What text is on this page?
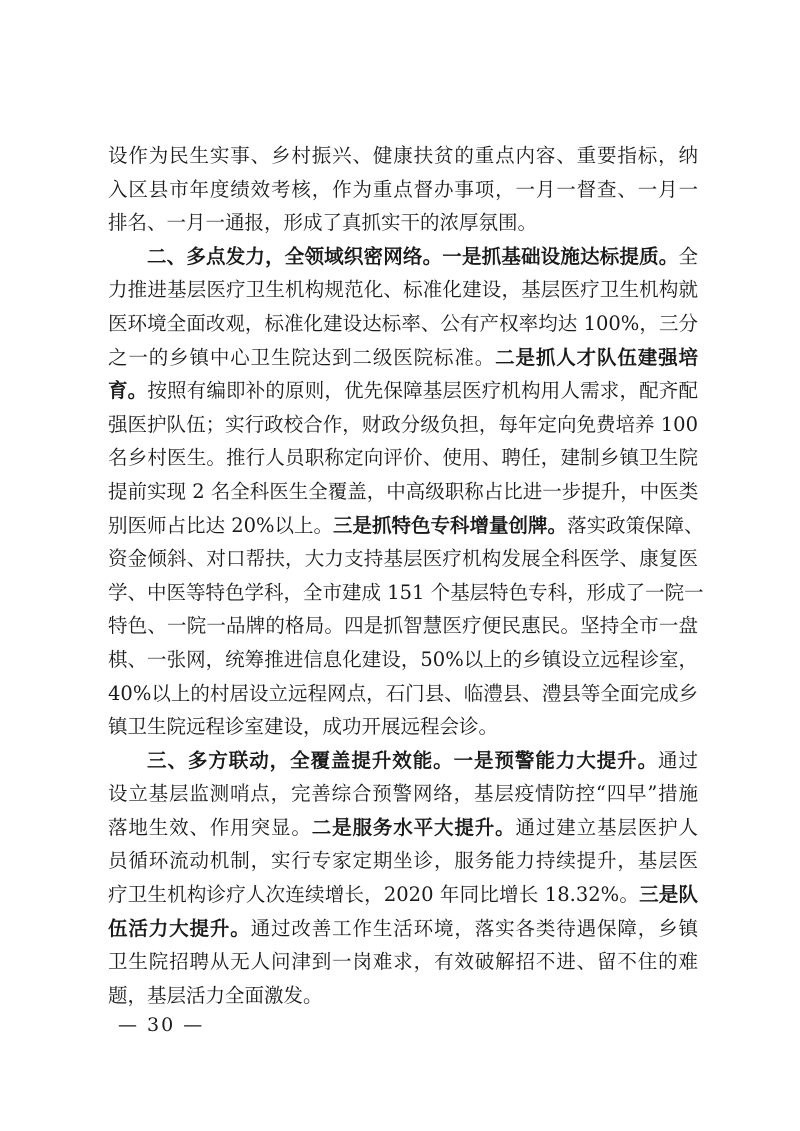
设作为民生实事、乡村振兴、健康扶贫的重点内容、重要指标，纳
入区县市年度绩效考核，作为重点督办事项，一月一督查、一月一
排名、一月一通报，形成了真抓实干的浓厚氛围。
二、多点发力，全领域织密网络。一是抓基础设施达标提质。全
力推进基层医疗卫生机构规范化、标准化建设，基层医疗卫生机构就
医环境全面改观，标准化建设达标率、公有产权率均达 100%，三分
之一的乡镇中心卫生院达到二级医院标准。二是抓人才队伍建强培
育。按照有编即补的原则，优先保障基层医疗机构用人需求，配齐配
强医护队伍；实行政校合作，财政分级负担，每年定向免费培养 100
名乡村医生。推行人员职称定向评价、使用、聘任，建制乡镇卫生院
提前实现 2 名全科医生全覆盖，中高级职称占比进一步提升，中医类
别医师占比达 20%以上。三是抓特色专科增量创牌。落实政策保障、
资金倾斜、对口帮扶，大力支持基层医疗机构发展全科医学、康复医
学、中医等特色学科，全市建成 151 个基层特色专科，形成了一院一
特色、一院一品牌的格局。四是抓智慧医疗便民惠民。坚持全市一盘
棋、一张网，统筹推进信息化建设，50%以上的乡镇设立远程诊室，
40%以上的村居设立远程网点，石门县、临澧县、澧县等全面完成乡
镇卫生院远程诊室建设，成功开展远程会诊。
三、多方联动，全覆盖提升效能。一是预警能力大提升。通过
设立基层监测哨点，完善综合预警网络，基层疫情防控“四早”措施
落地生效、作用突显。二是服务水平大提升。通过建立基层医护人
员循环流动机制，实行专家定期坐诊，服务能力持续提升，基层医
疗卫生机构诊疗人次连续增长，2020 年同比增长 18.32%。三是队
伍活力大提升。通过改善工作生活环境，落实各类待遇保障，乡镇
卫生院招聘从无人问津到一岗难求，有效破解招不进、留不住的难
题，基层活力全面激发。
— 30 —
